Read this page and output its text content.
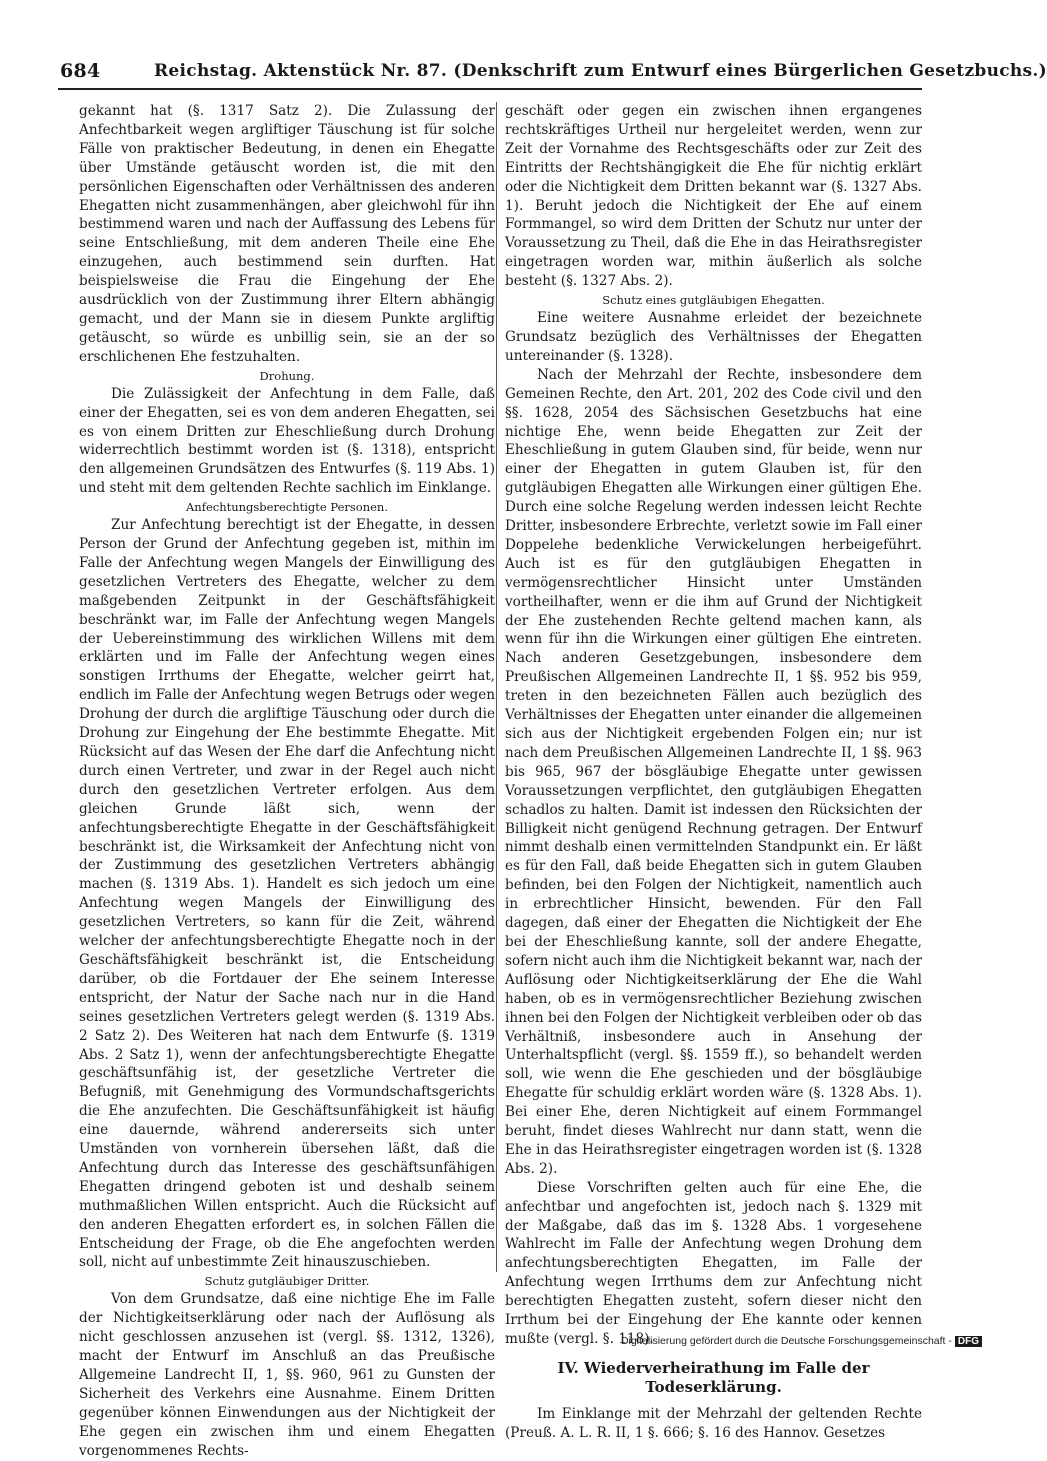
684	Reichstag. Aktenstück Nr. 87. (Denkschrift zum Entwurf eines Bürgerlichen Gesetzbuchs.)

gekannt hat (§. 1317 Satz 2). Die Zulassung der Anfechtbarkeit wegen argliftiger Täuschung ist für solche Fälle von praktischer Bedeutung, in denen ein Ehegatte über Umstände getäuscht worden ist, die mit den persönlichen Eigenschaften oder Verhältnissen des anderen Ehegatten nicht zusammenhängen, aber gleichwohl für ihn bestimmend waren und nach der Auffassung des Lebens für seine Entschließung, mit dem anderen Theile eine Ehe einzugehen, auch bestimmend sein durften. Hat beispielsweise die Frau die Eingehung der Ehe ausdrücklich von der Zustimmung ihrer Eltern abhängig gemacht, und der Mann sie in diesem Punkte argliftig getäuscht, so würde es unbillig sein, sie an der so erschlichenen Ehe festzuhalten.

Drohung.

Die Zulässigkeit der Anfechtung in dem Falle, daß einer der Ehegatten, sei es von dem anderen Ehegatten, sei es von einem Dritten zur Eheschließung durch Drohung widerrechtlich bestimmt worden ist (§. 1318), entspricht den allgemeinen Grundsätzen des Entwurfes (§. 119 Abs. 1) und steht mit dem geltenden Rechte sachlich im Einklange.

Anfechtungsberechtigte Personen.

Zur Anfechtung berechtigt ist der Ehegatte, in dessen Person der Grund der Anfechtung gegeben ist, mithin im Falle der Anfechtung wegen Mangels der Einwilligung des gesetzlichen Vertreters des Ehegatte, welcher zu dem maßgebenden Zeitpunkt in der Geschäftsfähigkeit beschränkt war, im Falle der Anfechtung wegen Mangels der Uebereinstimmung des wirklichen Willens mit dem erklärten und im Falle der Anfechtung wegen eines sonstigen Irrthums der Ehegatte, welcher geirrt hat, endlich im Falle der Anfechtung wegen Betrugs oder wegen Drohung der durch die argliftige Täuschung oder durch die Drohung zur Eingehung der Ehe bestimmte Ehegatte. Mit Rücksicht auf das Wesen der Ehe darf die Anfechtung nicht durch einen Vertreter, und zwar in der Regel auch nicht durch den gesetzlichen Vertreter erfolgen. Aus dem gleichen Grunde läßt sich, wenn der anfechtungsberechtigte Ehegatte in der Geschäftsfähigkeit beschränkt ist, die Wirksamkeit der Anfechtung nicht von der Zustimmung des gesetzlichen Vertreters abhängig machen (§. 1319 Abs. 1). Handelt es sich jedoch um eine Anfechtung wegen Mangels der Einwilligung des gesetzlichen Vertreters, so kann für die Zeit, während welcher der anfechtungsberechtigte Ehegatte noch in der Geschäftsfähigkeit beschränkt ist, die Entscheidung darüber, ob die Fortdauer der Ehe seinem Interesse entspricht, der Natur der Sache nach nur in die Hand seines gesetzlichen Vertreters gelegt werden (§. 1319 Abs. 2 Satz 2). Des Weiteren hat nach dem Entwurfe (§. 1319 Abs. 2 Satz 1), wenn der anfechtungsberechtigte Ehegatte geschäftsunfähig ist, der gesetzliche Vertreter die Befugniß, mit Genehmigung des Vormundschaftsgerichts die Ehe anzufechten. Die Geschäftsunfähigkeit ist häufig eine dauernde, während andererseits sich unter Umständen von vornherein übersehen läßt, daß die Anfechtung durch das Interesse des geschäftsunfähigen Ehegatten dringend geboten ist und deshalb seinem muthmaßlichen Willen entspricht. Auch die Rücksicht auf den anderen Ehegatten erfordert es, in solchen Fällen die Entscheidung der Frage, ob die Ehe angefochten werden soll, nicht auf unbestimmte Zeit hinauszuschieben.

Schutz gutgläubiger Dritter.

Von dem Grundsatze, daß eine nichtige Ehe im Falle der Nichtigkeitserklärung oder nach der Auflösung als nicht geschlossen anzusehen ist (vergl. §§. 1312, 1326), macht der Entwurf im Anschluß an das Preußische Allgemeine Landrecht II, 1, §§. 960, 961 zu Gunsten der Sicherheit des Verkehrs eine Ausnahme. Einem Dritten gegenüber können Einwendungen aus der Nichtigkeit der Ehe gegen ein zwischen ihm und einem Ehegatten vorgenommenes Rechts-

geschäft oder gegen ein zwischen ihnen ergangenes rechtskräftiges Urtheil nur hergeleitet werden, wenn zur Zeit der Vornahme des Rechtsgeschäfts oder zur Zeit des Eintritts der Rechtshängigkeit die Ehe für nichtig erklärt oder die Nichtigkeit dem Dritten bekannt war (§. 1327 Abs. 1). Beruht jedoch die Nichtigkeit der Ehe auf einem Formmangel, so wird dem Dritten der Schutz nur unter der Voraussetzung zu Theil, daß die Ehe in das Heirathsregister eingetragen worden war, mithin äußerlich als solche besteht (§. 1327 Abs. 2).

Schutz eines gutgläubigen Ehegatten.

Eine weitere Ausnahme erleidet der bezeichnete Grundsatz bezüglich des Verhältnisses der Ehegatten untereinander (§. 1328).

Nach der Mehrzahl der Rechte, insbesondere dem Gemeinen Rechte, den Art. 201, 202 des Code civil und den §§. 1628, 2054 des Sächsischen Gesetzbuchs hat eine nichtige Ehe, wenn beide Ehegatten zur Zeit der Eheschließung in gutem Glauben sind, für beide, wenn nur einer der Ehegatten in gutem Glauben ist, für den gutgläubigen Ehegatten alle Wirkungen einer gültigen Ehe. Durch eine solche Regelung werden indessen leicht Rechte Dritter, insbesondere Erbrechte, verletzt sowie im Fall einer Doppelehe bedenkliche Verwickelungen herbeigeführt. Auch ist es für den gutgläubigen Ehegatten in vermögensrechtlicher Hinsicht unter Umständen vortheilhafter, wenn er die ihm auf Grund der Nichtigkeit der Ehe zustehenden Rechte geltend machen kann, als wenn für ihn die Wirkungen einer gültigen Ehe eintreten. Nach anderen Gesetzgebungen, insbesondere dem Preußischen Allgemeinen Landrechte II, 1 §§. 952 bis 959, treten in den bezeichneten Fällen auch bezüglich des Verhältnisses der Ehegatten unter einander die allgemeinen sich aus der Nichtigkeit ergebenden Folgen ein; nur ist nach dem Preußischen Allgemeinen Landrechte II, 1 §§. 963 bis 965, 967 der bösgläubige Ehegatte unter gewissen Voraussetzungen verpflichtet, den gutgläubigen Ehegatten schadlos zu halten. Damit ist indessen den Rücksichten der Billigkeit nicht genügend Rechnung getragen. Der Entwurf nimmt deshalb einen vermittelnden Standpunkt ein. Er läßt es für den Fall, daß beide Ehegatten sich in gutem Glauben befinden, bei den Folgen der Nichtigkeit, namentlich auch in erbrechtlicher Hinsicht, bewenden. Für den Fall dagegen, daß einer der Ehegatten die Nichtigkeit der Ehe bei der Eheschließung kannte, soll der andere Ehegatte, sofern nicht auch ihm die Nichtigkeit bekannt war, nach der Auflösung oder Nichtigkeitserklärung der Ehe die Wahl haben, ob es in vermögensrechtlicher Beziehung zwischen ihnen bei den Folgen der Nichtigkeit verbleiben oder ob das Verhältniß, insbesondere auch in Ansehung der Unterhaltspflicht (vergl. §§. 1559 ff.), so behandelt werden soll, wie wenn die Ehe geschieden und der bösgläubige Ehegatte für schuldig erklärt worden wäre (§. 1328 Abs. 1). Bei einer Ehe, deren Nichtigkeit auf einem Formmangel beruht, findet dieses Wahlrecht nur dann statt, wenn die Ehe in das Heirathsregister eingetragen worden ist (§. 1328 Abs. 2).

Diese Vorschriften gelten auch für eine Ehe, die anfechtbar und angefochten ist, jedoch nach §. 1329 mit der Maßgabe, daß das im §. 1328 Abs. 1 vorgesehene Wahlrecht im Falle der Anfechtung wegen Drohung dem anfechtungsberechtigten Ehegatten, im Falle der Anfechtung wegen Irrthums dem zur Anfechtung nicht berechtigten Ehegatten zusteht, sofern dieser nicht den Irrthum bei der Eingehung der Ehe kannte oder kennen mußte (vergl. §. 118).

IV. Wiederverheirathung im Falle der Todeserklärung.

Im Einklange mit der Mehrzahl der geltenden Rechte (Preuß. A. L. R. II, 1 §. 666; §. 16 des Hannov. Gesetzes

Digitalisierung gefördert durch die Deutsche Forschungsgemeinschaft - DFG
